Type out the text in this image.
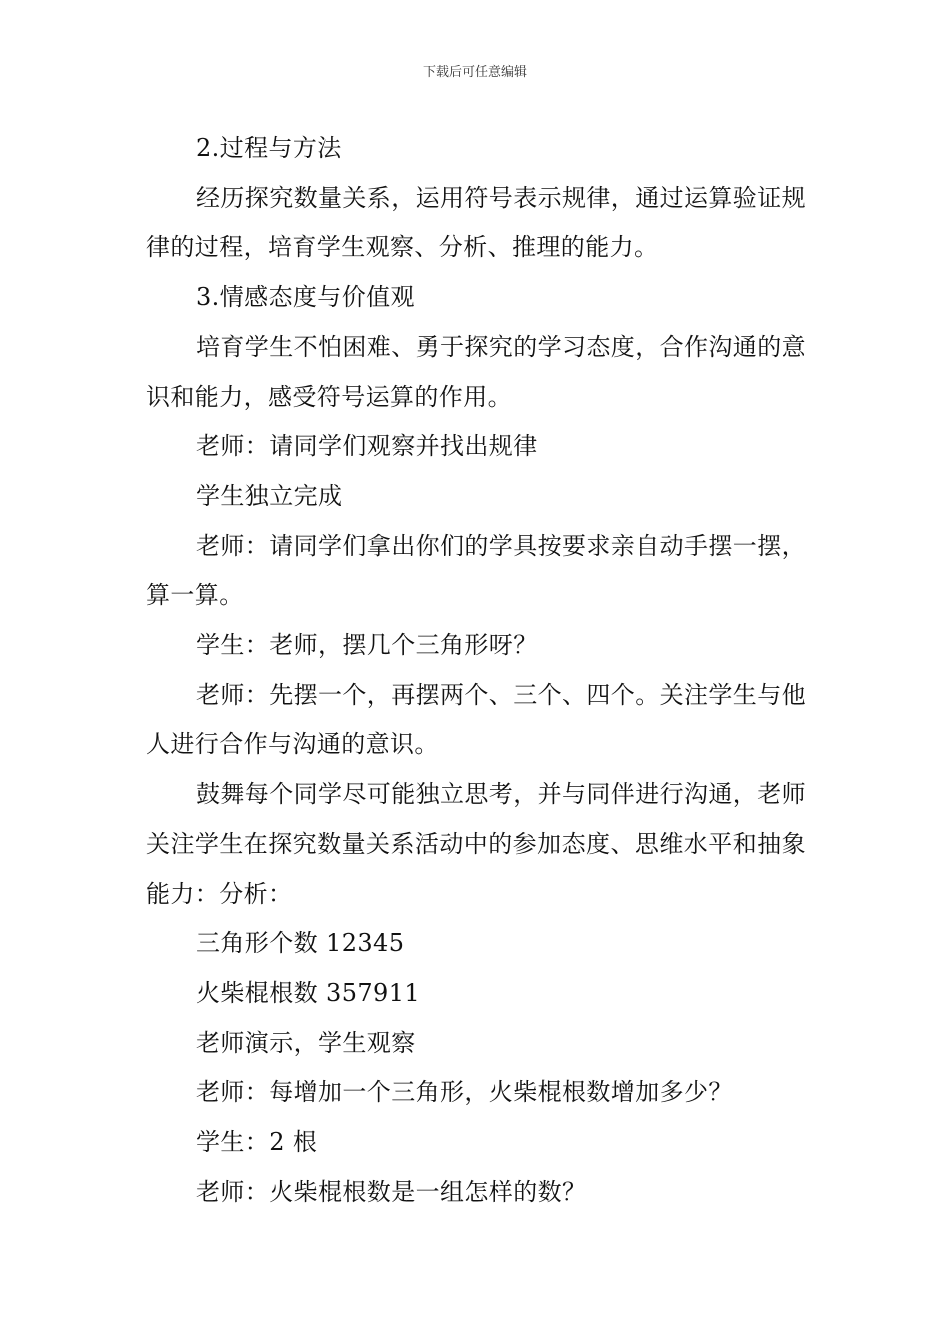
下载后可任意编辑

2.过程与方法

经历探究数量关系，运用符号表示规律，通过运算验证规律的过程，培育学生观察、分析、推理的能力。

3.情感态度与价值观

培育学生不怕困难、勇于探究的学习态度，合作沟通的意识和能力，感受符号运算的作用。

老师：请同学们观察并找出规律

学生独立完成

老师：请同学们拿出你们的学具按要求亲自动手摆一摆，算一算。

学生：老师，摆几个三角形呀？

老师：先摆一个，再摆两个、三个、四个。关注学生与他人进行合作与沟通的意识。

鼓舞每个同学尽可能独立思考，并与同伴进行沟通，老师关注学生在探究数量关系活动中的参加态度、思维水平和抽象能力：分析：

三角形个数 12345

火柴棍根数 357911

老师演示，学生观察

老师：每增加一个三角形，火柴棍根数增加多少？

学生：2 根

老师：火柴棍根数是一组怎样的数？
